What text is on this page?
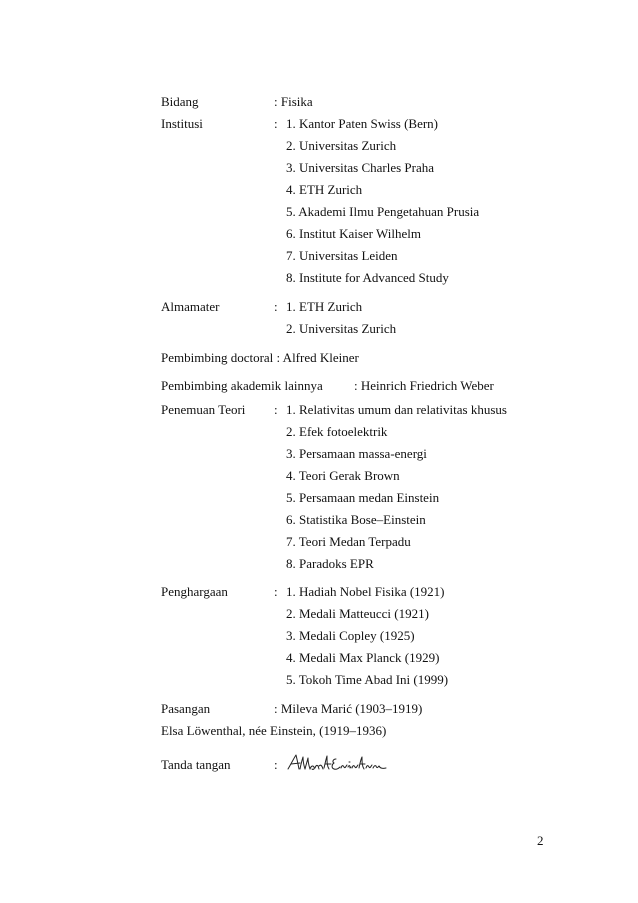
Bidang	: Fisika
Institusi	: 1. Kantor Paten Swiss (Bern)
2. Universitas Zurich
3. Universitas Charles Praha
4. ETH Zurich
5. Akademi Ilmu Pengetahuan Prusia
6. Institut Kaiser Wilhelm
7. Universitas Leiden
8. Institute for Advanced Study
Almamater	: 1. ETH Zurich
2. Universitas Zurich
Pembimbing doctoral : Alfred Kleiner
Pembimbing akademik lainnya : Heinrich Friedrich Weber
Penemuan Teori : 1. Relativitas umum dan relativitas khusus
2. Efek fotoelektrik
3. Persamaan massa-energi
4. Teori Gerak Brown
5. Persamaan medan Einstein
6. Statistika Bose–Einstein
7. Teori Medan Terpadu
8. Paradoks EPR
Penghargaan	: 1. Hadiah Nobel Fisika (1921)
2. Medali Matteucci (1921)
3. Medali Copley (1925)
4. Medali Max Planck (1929)
5. Tokoh Time Abad Ini (1999)
Pasangan	: Mileva Marić (1903–1919)
Elsa Löwenthal, née Einstein, (1919–1936)
Tanda tangan	:
2
